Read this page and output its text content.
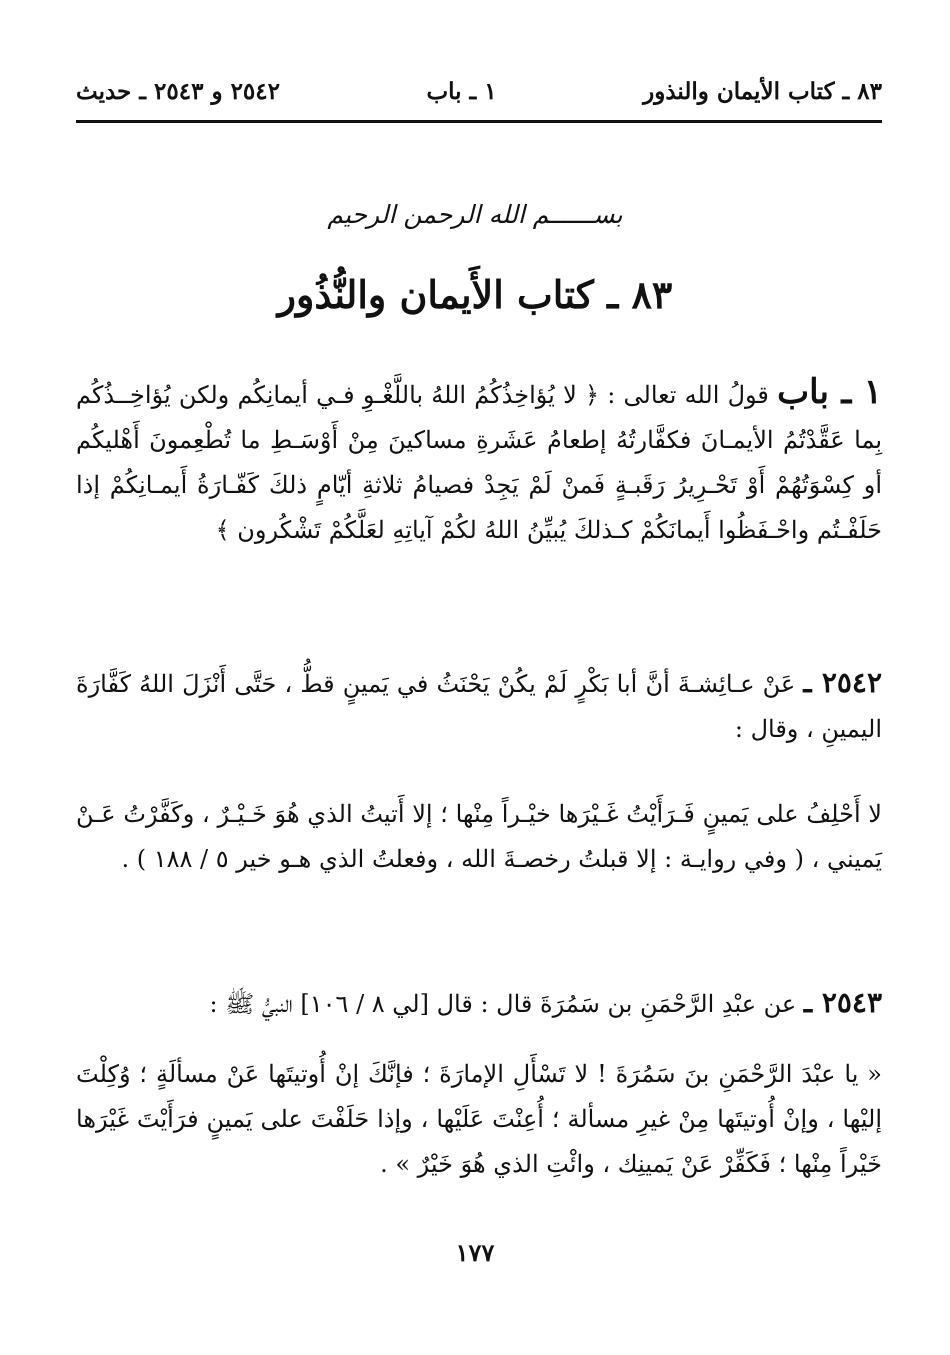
٨٣ ـ كتاب الأيمان والنذور
١ ـ باب
٢٥٤٢ و ٢٥٤٣ ـ حديث
بســــــم الله الرحمن الرحيم
٨٣ ـ كتاب الأَيمان والنُّذُور

١ ـ باب قولُ الله تعالى : ﴿ لا يُؤاخِذُكُمُ اللهُ باللَّغْـوِ فـي أيمانِكُم ولكن يُؤاخِــذُكُم بِما عَقَّدْتُمُ الأيمـانَ فكفَّارتُهُ إطعامُ عَشَرةِ مساكينَ مِنْ أَوْسَـطِ ما تُطْعِمونَ أَهْليكُم أو كِسْوَتُهُمْ أَوْ تَحْـرِيرُ رَقَبـةٍ فَمنْ لَمْ يَجِدْ فصيامُ ثلاثةِ أيّامٍ ذلكَ كَفّـارَةُ أَيمـانِكُمْ إذا حَلَفْـتُم واحْـفَظُوا أَيمانَكُمْ كـذلكَ يُبيِّنُ اللهُ لكُمْ آياتِهِ لعَلَّكُمْ تَشْكُرون ﴾

٢٥٤٢ ـ عَنْ عـائِشـةَ أنَّ أبا بَكْرٍ لَمْ يكُنْ يَحْنَثُ في يَمينٍ قطُّ ، حَتَّى أَنْزَلَ اللهُ كَفَّارَةَ اليمينِ ، وقال :

لا أَحْلِفُ على يَمينٍ فَـرَأَيْتُ غَـيْرَها خيْـراً مِنْها ؛ إلا أَتيتُ الذي هُوَ خَـيْـرٌ ، وكَفَّرْتُ عَـنْ يَميني ، ( وفي روايـة : إلا قبلتُ رخصـةَ الله ، وفعلتُ الذي هـو خير ٥ / ١٨٨ ) .

٢٥٤٣ ـ عن عبْدِ الرَّحْمَنِ بن سَمُرَةَ قال : قال [لي ٨ / ١٠٦] النبيُّ ﷺ :

« يا عبْدَ الرَّحْمَنِ بنَ سَمُرَةَ ! لا تَسْأَلِ الإمارَةَ ؛ فإنَّكَ إنْ أُوتيتَها عَنْ مسألَةٍ ؛ وُكِلْتَ إليْها ، وإنْ أُوتيتَها مِنْ غيرِ مسألة ؛ أُعِنْتَ عَلَيْها ، وإذا حَلَفْتَ على يَمينٍ فرَأَيْتَ غَيْرَها خَيْراً مِنْها ؛ فَكَفِّرْ عَنْ يَمينِك ، وائْتِ الذي هُوَ خَيْرٌ » .

١٧٧
